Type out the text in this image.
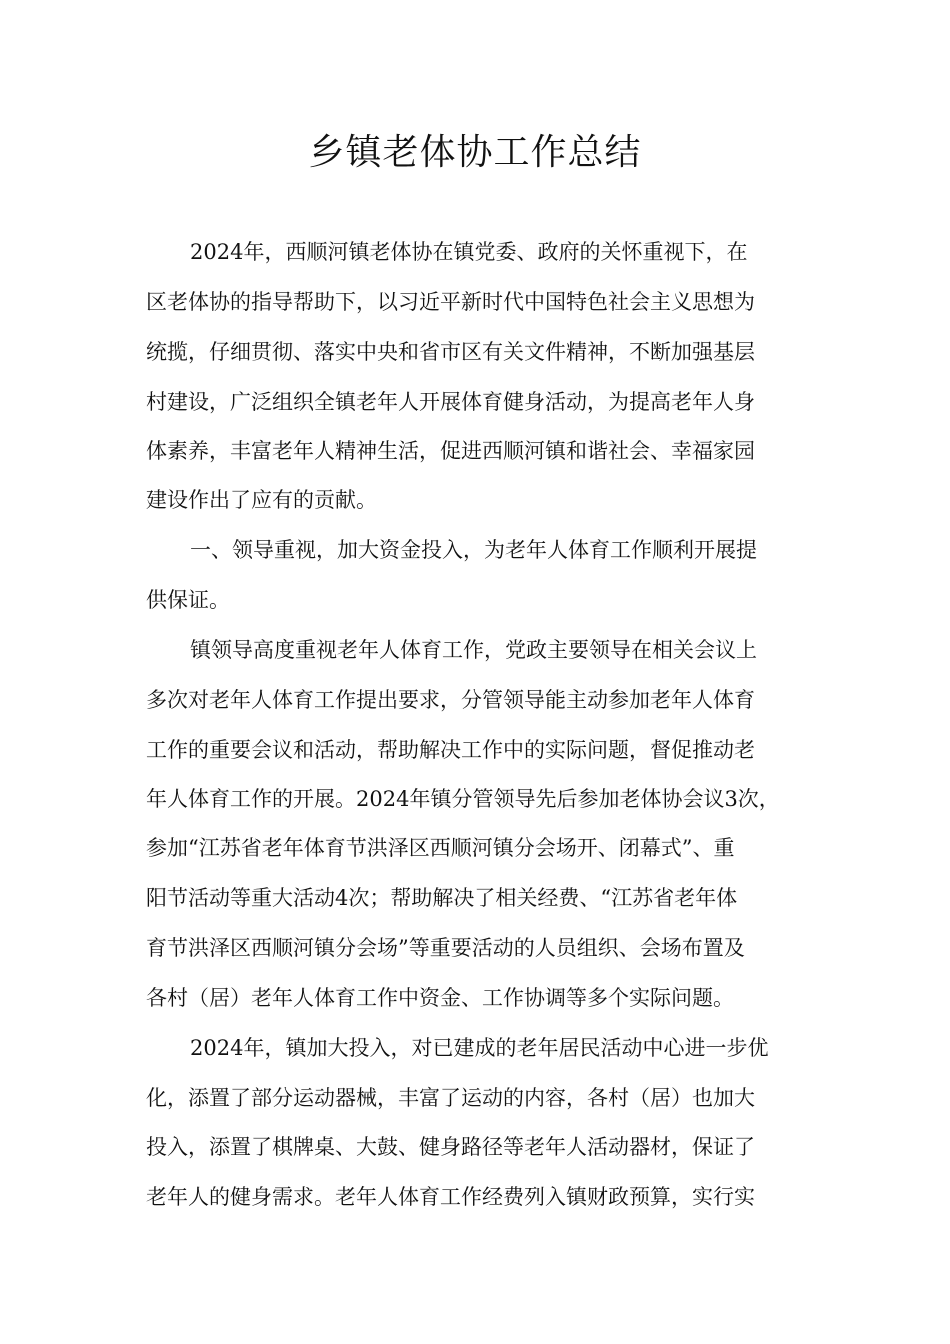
乡镇老体协工作总结
2024年，西顺河镇老体协在镇党委、政府的关怀重视下，在
区老体协的指导帮助下，以习近平新时代中国特色社会主义思想为
统揽，仔细贯彻、落实中央和省市区有关文件精神，不断加强基层
村建设，广泛组织全镇老年人开展体育健身活动，为提高老年人身
体素养，丰富老年人精神生活，促进西顺河镇和谐社会、幸福家园
建设作出了应有的贡献。
一、领导重视，加大资金投入，为老年人体育工作顺利开展提
供保证。
镇领导高度重视老年人体育工作，党政主要领导在相关会议上
多次对老年人体育工作提出要求，分管领导能主动参加老年人体育
工作的重要会议和活动，帮助解决工作中的实际问题，督促推动老
年人体育工作的开展。2024年镇分管领导先后参加老体协会议3次，
参加“江苏省老年体育节洪泽区西顺河镇分会场开、闭幕式”、重
阳节活动等重大活动4次；帮助解决了相关经费、“江苏省老年体
育节洪泽区西顺河镇分会场”等重要活动的人员组织、会场布置及
各村（居）老年人体育工作中资金、工作协调等多个实际问题。
2024年，镇加大投入，对已建成的老年居民活动中心进一步优
化，添置了部分运动器械，丰富了运动的内容，各村（居）也加大
投入，添置了棋牌桌、大鼓、健身路径等老年人活动器材，保证了
老年人的健身需求。老年人体育工作经费列入镇财政预算，实行实
